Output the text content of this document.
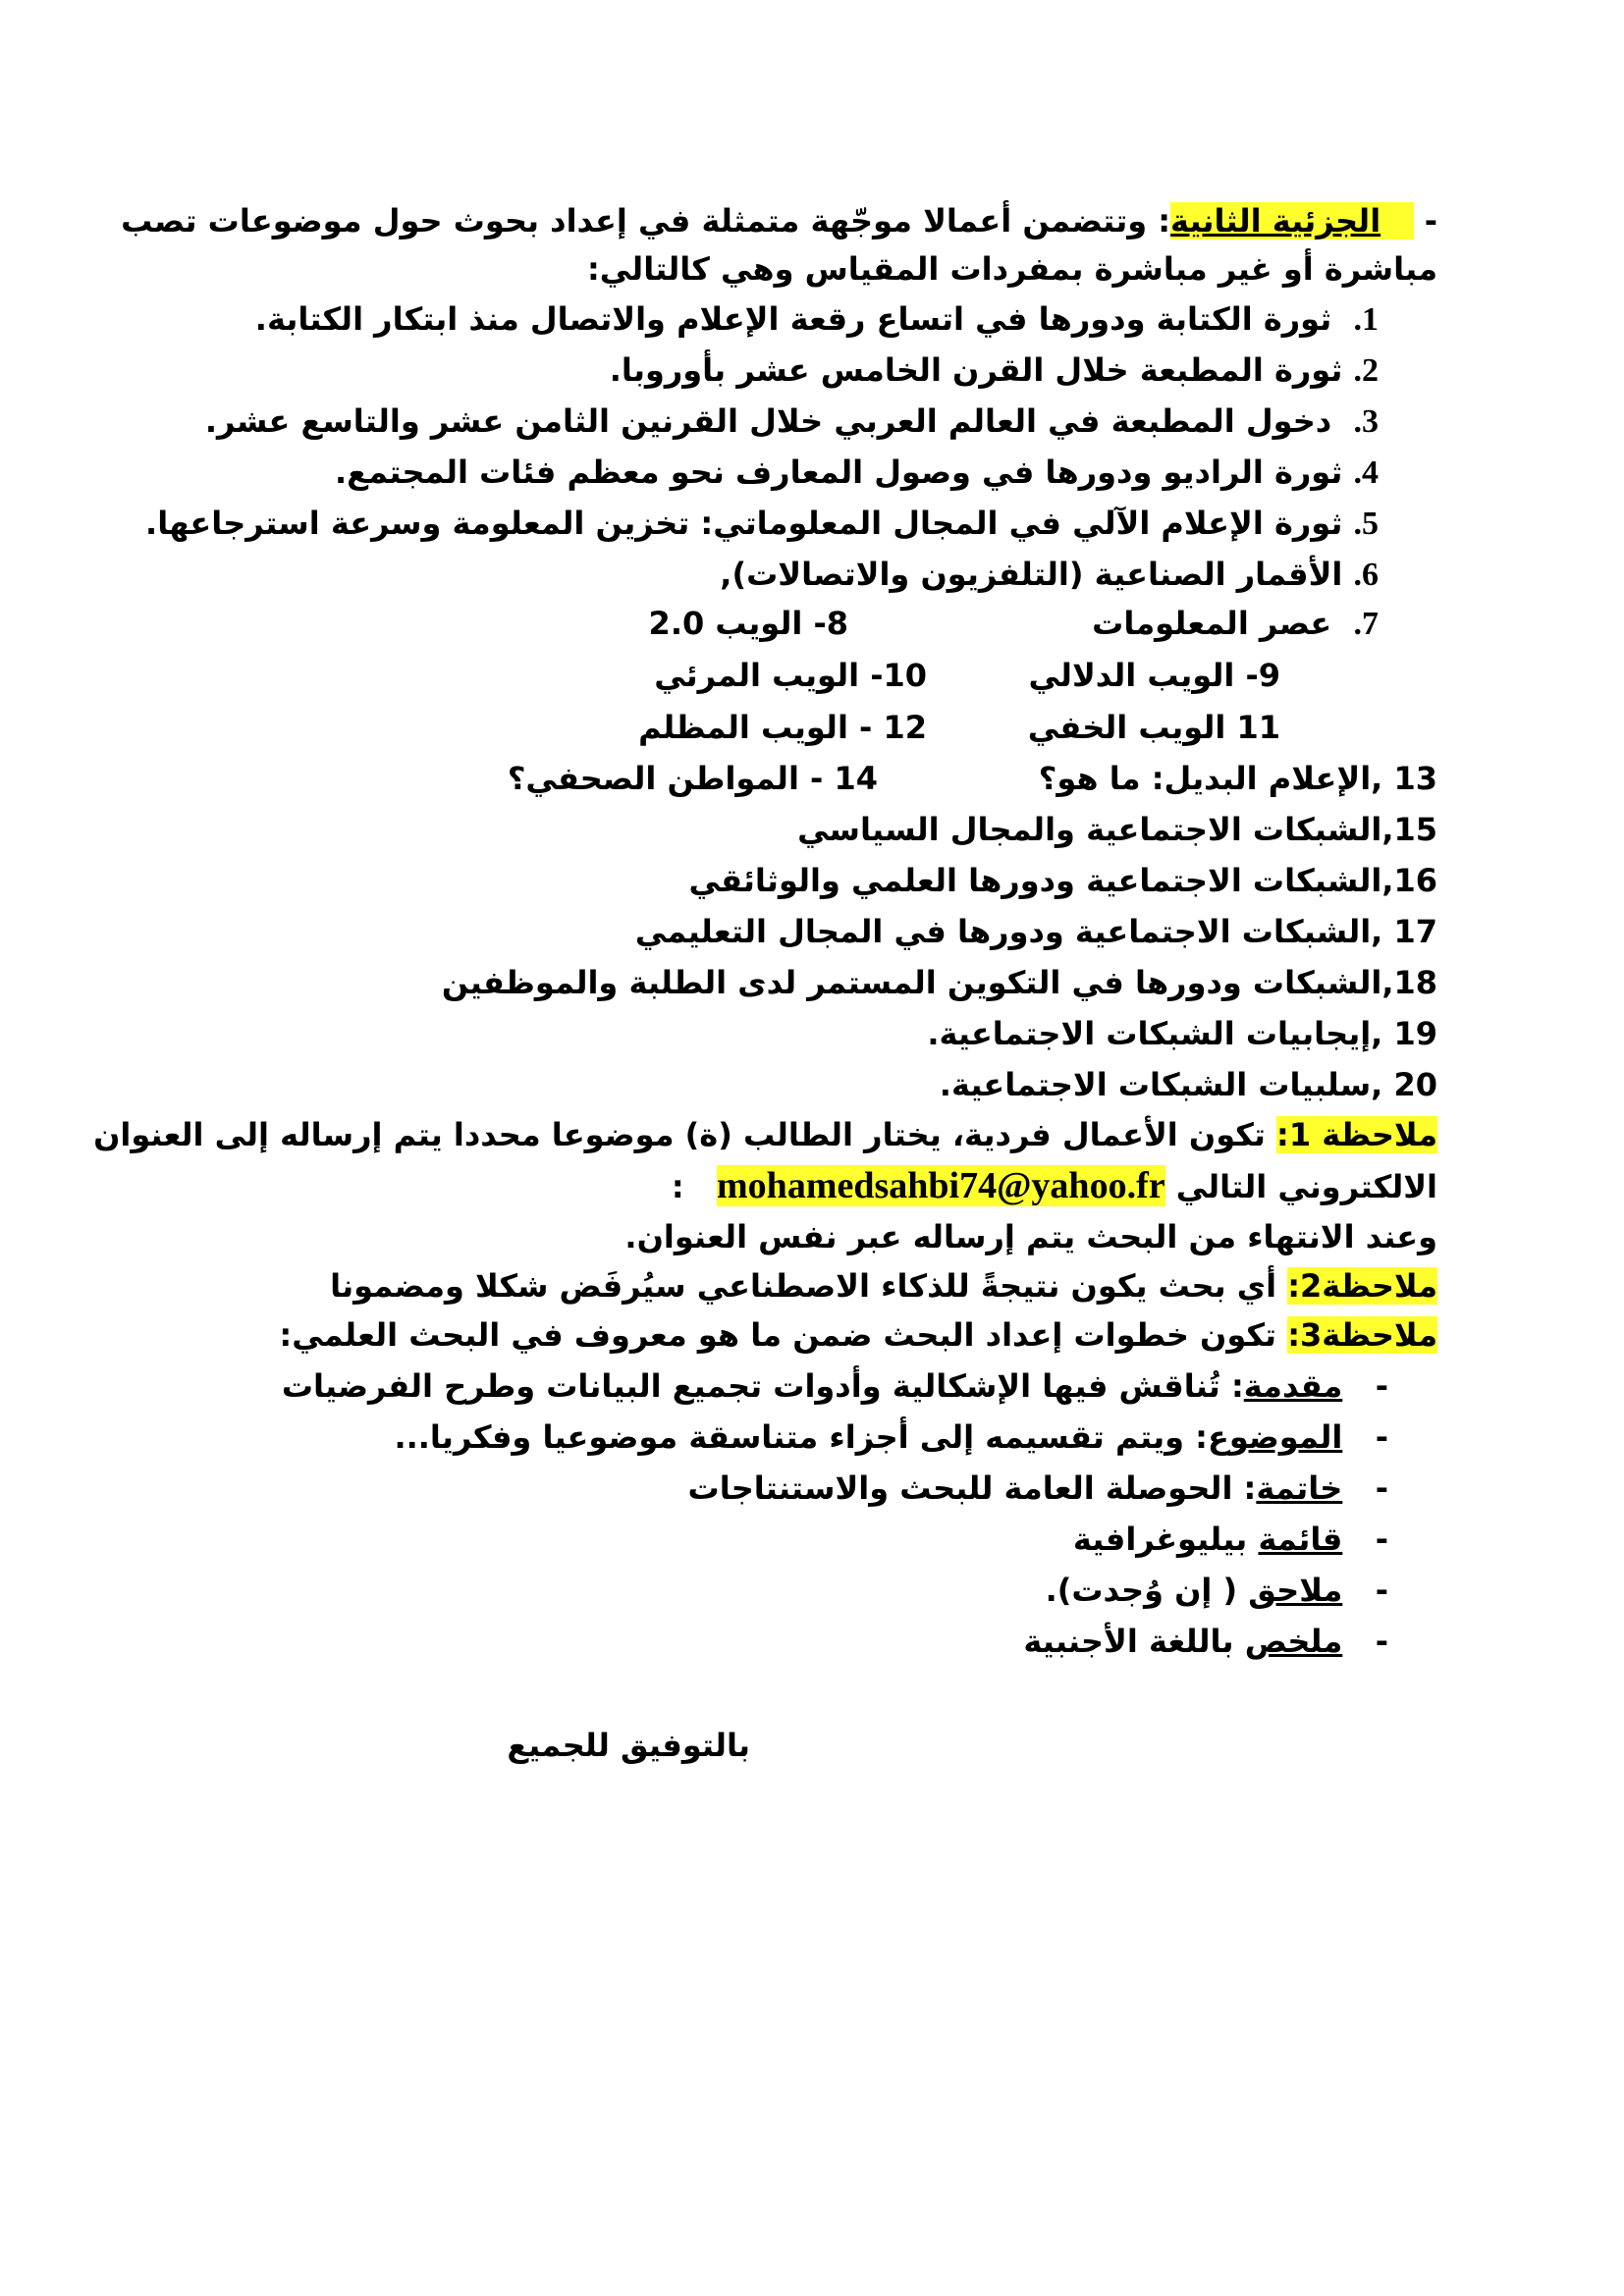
-    الجزئية الثانية: وتتضمن أعمالا موجّهة متمثلة في إعداد بحوث حول موضوعات تصب
مباشرة أو غير مباشرة بمفردات المقياس وهي كالتالي:
1.  ثورة الكتابة ودورها في اتساع رقعة الإعلام والاتصال منذ ابتكار الكتابة.
2. ثورة المطبعة خلال القرن الخامس عشر بأوروبا.
3.  دخول المطبعة في العالم العربي خلال القرنين الثامن عشر والتاسع عشر.
4. ثورة الراديو ودورها في وصول المعارف نحو معظم فئات المجتمع.
5. ثورة الإعلام الآلي في المجال المعلوماتي: تخزين المعلومة وسرعة استرجاعها.
6. الأقمار الصناعية (التلفزيون والاتصالات),
7.  عصر المعلومات
8- الويب 2.0
9- الويب الدلالي
10- الويب المرئي
11 الويب الخفي
12 - الويب المظلم
13 ,الإعلام البديل: ما هو؟
14 - المواطن الصحفي؟
15,الشبكات الاجتماعية والمجال السياسي
16,الشبكات الاجتماعية ودورها العلمي والوثائقي
17 ,الشبكات الاجتماعية ودورها في المجال التعليمي
18,الشبكات ودورها في التكوين المستمر لدى الطلبة والموظفين
19 ,إيجابيات الشبكات الاجتماعية.
20 ,سلبيات الشبكات الاجتماعية.
ملاحظة 1: تكون الأعمال فردية، يختار الطالب (ة) موضوعا محددا يتم إرساله إلى العنوان
الالكتروني التالي mohamedsahbi74@yahoo.fr   :
وعند الانتهاء من البحث يتم إرساله عبر نفس العنوان.
ملاحظة2: أي بحث يكون نتيجةً للذكاء الاصطناعي سيُرفَض شكلا ومضمونا
ملاحظة3: تكون خطوات إعداد البحث ضمن ما هو معروف في البحث العلمي:
-   مقدمة: تُناقش فيها الإشكالية وأدوات تجميع البيانات وطرح الفرضيات
-   الموضوع: ويتم تقسيمه إلى أجزاء متناسقة موضوعيا وفكريا...
-   خاتمة: الحوصلة العامة للبحث والاستنتاجات
-   قائمة بيليوغرافية
-   ملاحق ( إن وُجدت).
-   ملخص باللغة الأجنبية
بالتوفيق للجميع
